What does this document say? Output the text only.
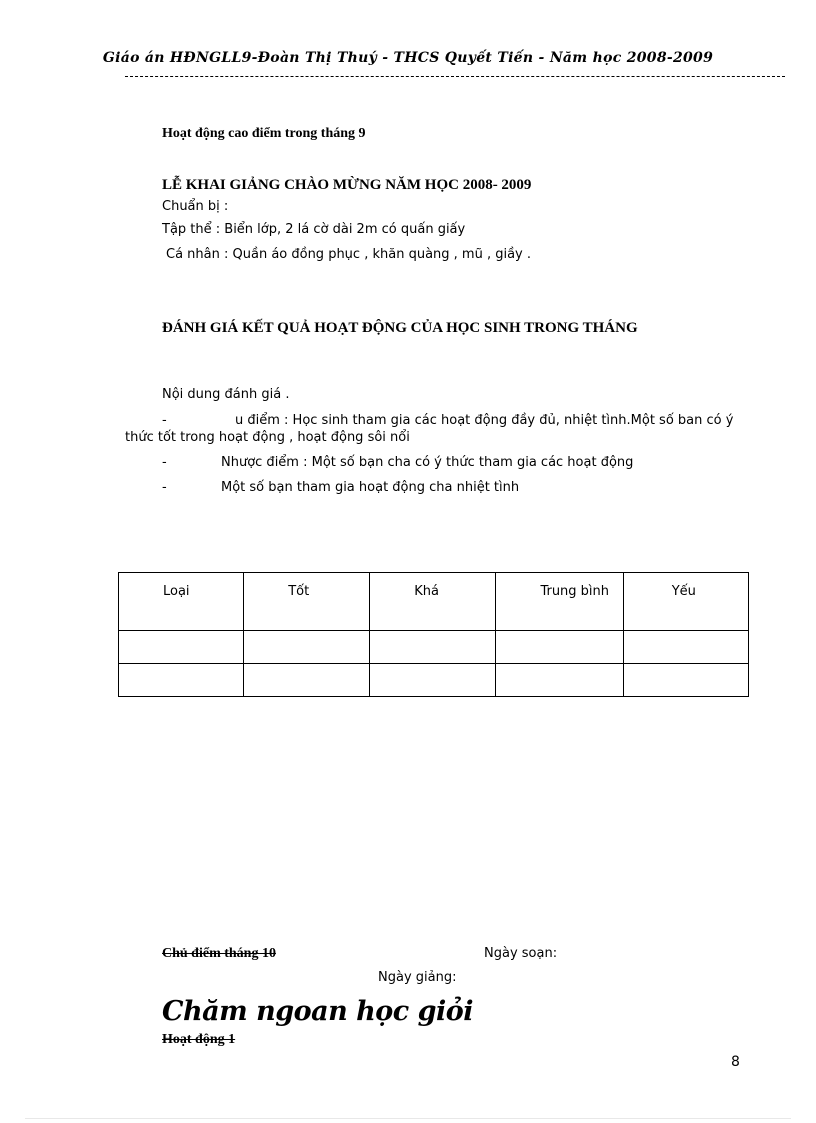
Giáo án HĐNGLL9-Đoàn Thị Thuý - THCS Quyết Tiến - Năm học 2008-2009
Hoạt động cao điểm trong tháng 9
LỄ KHAI GIẢNG CHÀO MỪNG NĂM HỌC 2008- 2009
Chuẩn bị :
Tập thể : Biển lớp, 2 lá cờ dài 2m có quấn giấy
Cá nhân : Quần áo đồng phục , khăn quàng , mũ , giầy .
ĐÁNH GIÁ KẾT QUẢ HOẠT ĐỘNG CỦA HỌC SINH TRONG THÁNG
Nội dung đánh giá .
-	u điểm : Học sinh tham gia các hoạt động đầy đủ, nhiệt tình.Một số ban có ý
thức tốt trong hoạt động , hoạt động sôi nổi
-	Nhược điểm : Một số bạn cha có ý thức tham gia các hoạt động
-	Một số bạn tham gia hoạt động cha nhiệt tình
Loại	Tốt	Khá	Trung bình	Yếu

Chủ điểm tháng 10	Ngày soạn:
Ngày giảng:
Chăm ngoan học giỏi
Hoạt động 1
8
